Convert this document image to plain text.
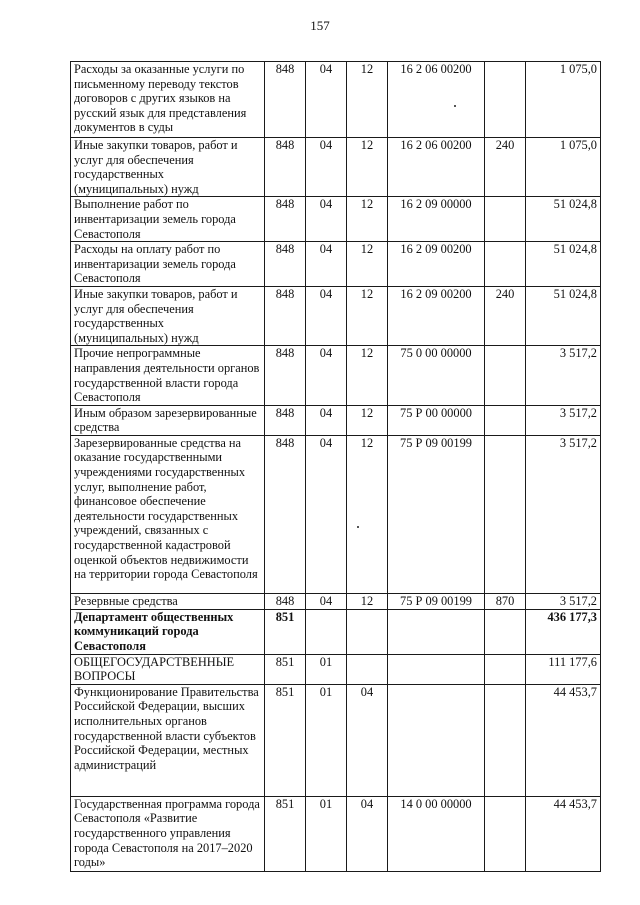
157
Расходы за оказанные услуги по письменному переводу текстов договоров с других языков на русский язык для представления документов в суды	848	04	12	16 2 06 00200		1 075,0
Иные закупки товаров, работ и услуг для обеспечения государственных (муниципальных) нужд	848	04	12	16 2 06 00200	240	1 075,0
Выполнение работ по инвентаризации земель города Севастополя	848	04	12	16 2 09 00000		51 024,8
Расходы на оплату работ по инвентаризации земель города Севастополя	848	04	12	16 2 09 00200		51 024,8
Иные закупки товаров, работ и услуг для обеспечения государственных (муниципальных) нужд	848	04	12	16 2 09 00200	240	51 024,8
Прочие непрограммные направления деятельности органов государственной власти города Севастополя	848	04	12	75 0 00 00000		3 517,2
Иным образом зарезервированные средства	848	04	12	75 Р 00 00000		3 517,2
Зарезервированные средства на оказание государственными учреждениями государственных услуг, выполнение работ, финансовое обеспечение деятельности государственных учреждений, связанных с государственной кадастровой оценкой объектов недвижимости на территории города Севастополя	848	04	12	75 Р 09 00199		3 517,2
Резервные средства	848	04	12	75 Р 09 00199	870	3 517,2
Департамент общественных коммуникаций города Севастополя	851					436 177,3
ОБЩЕГОСУДАРСТВЕННЫЕ ВОПРОСЫ	851	01				111 177,6
Функционирование Правительства Российской Федерации, высших исполнительных органов государственной власти субъектов Российской Федерации, местных администраций	851	01	04			44 453,7
Государственная программа города Севастополя «Развитие государственного управления города Севастополя на 2017–2020 годы»	851	01	04	14 0 00 00000		44 453,7
